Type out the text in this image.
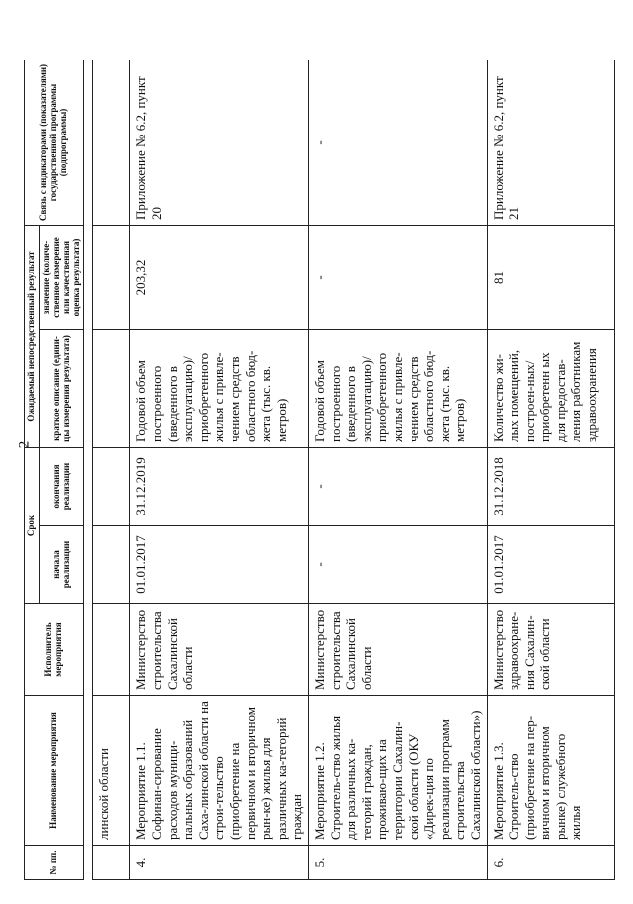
2
№ пп.	Наименование мероприятия	Исполнитель мероприятия	Срок		Ожидаемый непосредственный результат		Связь с индикаторами (показателями) государственной программы (подпрограммы)
			начала реализации	окончания реализации	краткое описание (едини-цы измерения результата)	значение (количе-ственное измерение или качественная оценка результата)	

	линской области						
4.	Мероприятие 1.1. Софинан-сирование расходов муници-пальных образований Саха-линской области на строи-тельство (приобретение на первичном и вторичном рын-ке) жилья для различных ка-тегорий граждан	Министерство строительства Сахалинской области	01.01.2017	31.12.2019	Годовой объем построенного (введенного в эксплуатацию)/ приобретенного жилья с привле-чением средств областного бюд-жета (тыс. кв. метров)	203,32	Приложение № 6.2, пункт 20
5.	Мероприятие 1.2. Строитель-ство жилья для различных ка-тегорий граждан, проживаю-щих на территории Сахалин-ской области (ОКУ «Дирек-ция по реализации программ строительства Сахалинской области»)	Министерство строительства Сахалинской области	-	-	Годовой объем построенного (введенного в эксплуатацию)/ приобретенного жилья с привле-чением средств областного бюд-жета (тыс. кв. метров)	-	-
6.	Мероприятие 1.3. Строитель-ство (приобретение на пер-вичном и вторичном рынке) служебного жилья	Министерство здравоохране-ния Сахалин-ской области	01.01.2017	31.12.2018	Количество жи-лых помещений, построен-ных/приобретенн ых для предостав-ления работникам здравоохранения	81	Приложение № 6.2, пункт 21
